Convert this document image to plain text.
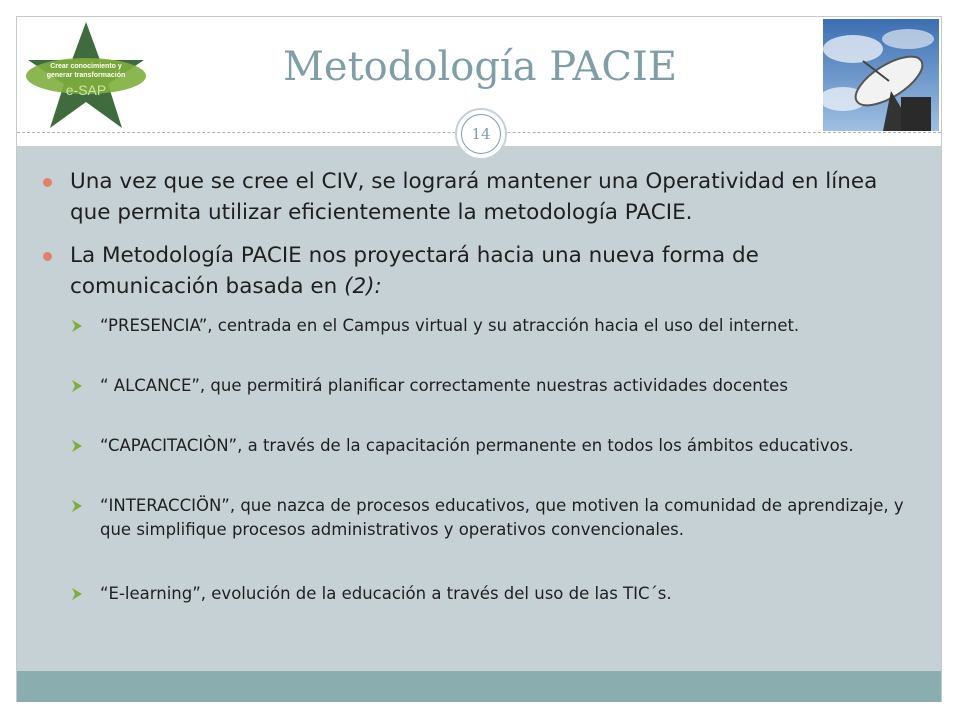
Crear conocimiento y
generar transformación
e-SAP	Metodología PACIE
14
Una vez que se cree el CIV, se logrará mantener una Operatividad en línea que permita utilizar eficientemente la metodología PACIE.
La Metodología PACIE nos proyectará hacia una nueva forma de comunicación basada en (2):
“PRESENCIA”, centrada en el Campus virtual y su atracción hacia el uso del internet.
“ ALCANCE”, que permitirá planificar correctamente nuestras actividades docentes
“CAPACITACIÒN”, a través de la capacitación permanente en todos los ámbitos educativos.
“INTERACCIÖN”, que nazca de procesos educativos, que motiven la comunidad de aprendizaje, y que simplifique procesos administrativos y operativos convencionales.
“E-learning”, evolución de la educación a través del uso de las TIC´s.
